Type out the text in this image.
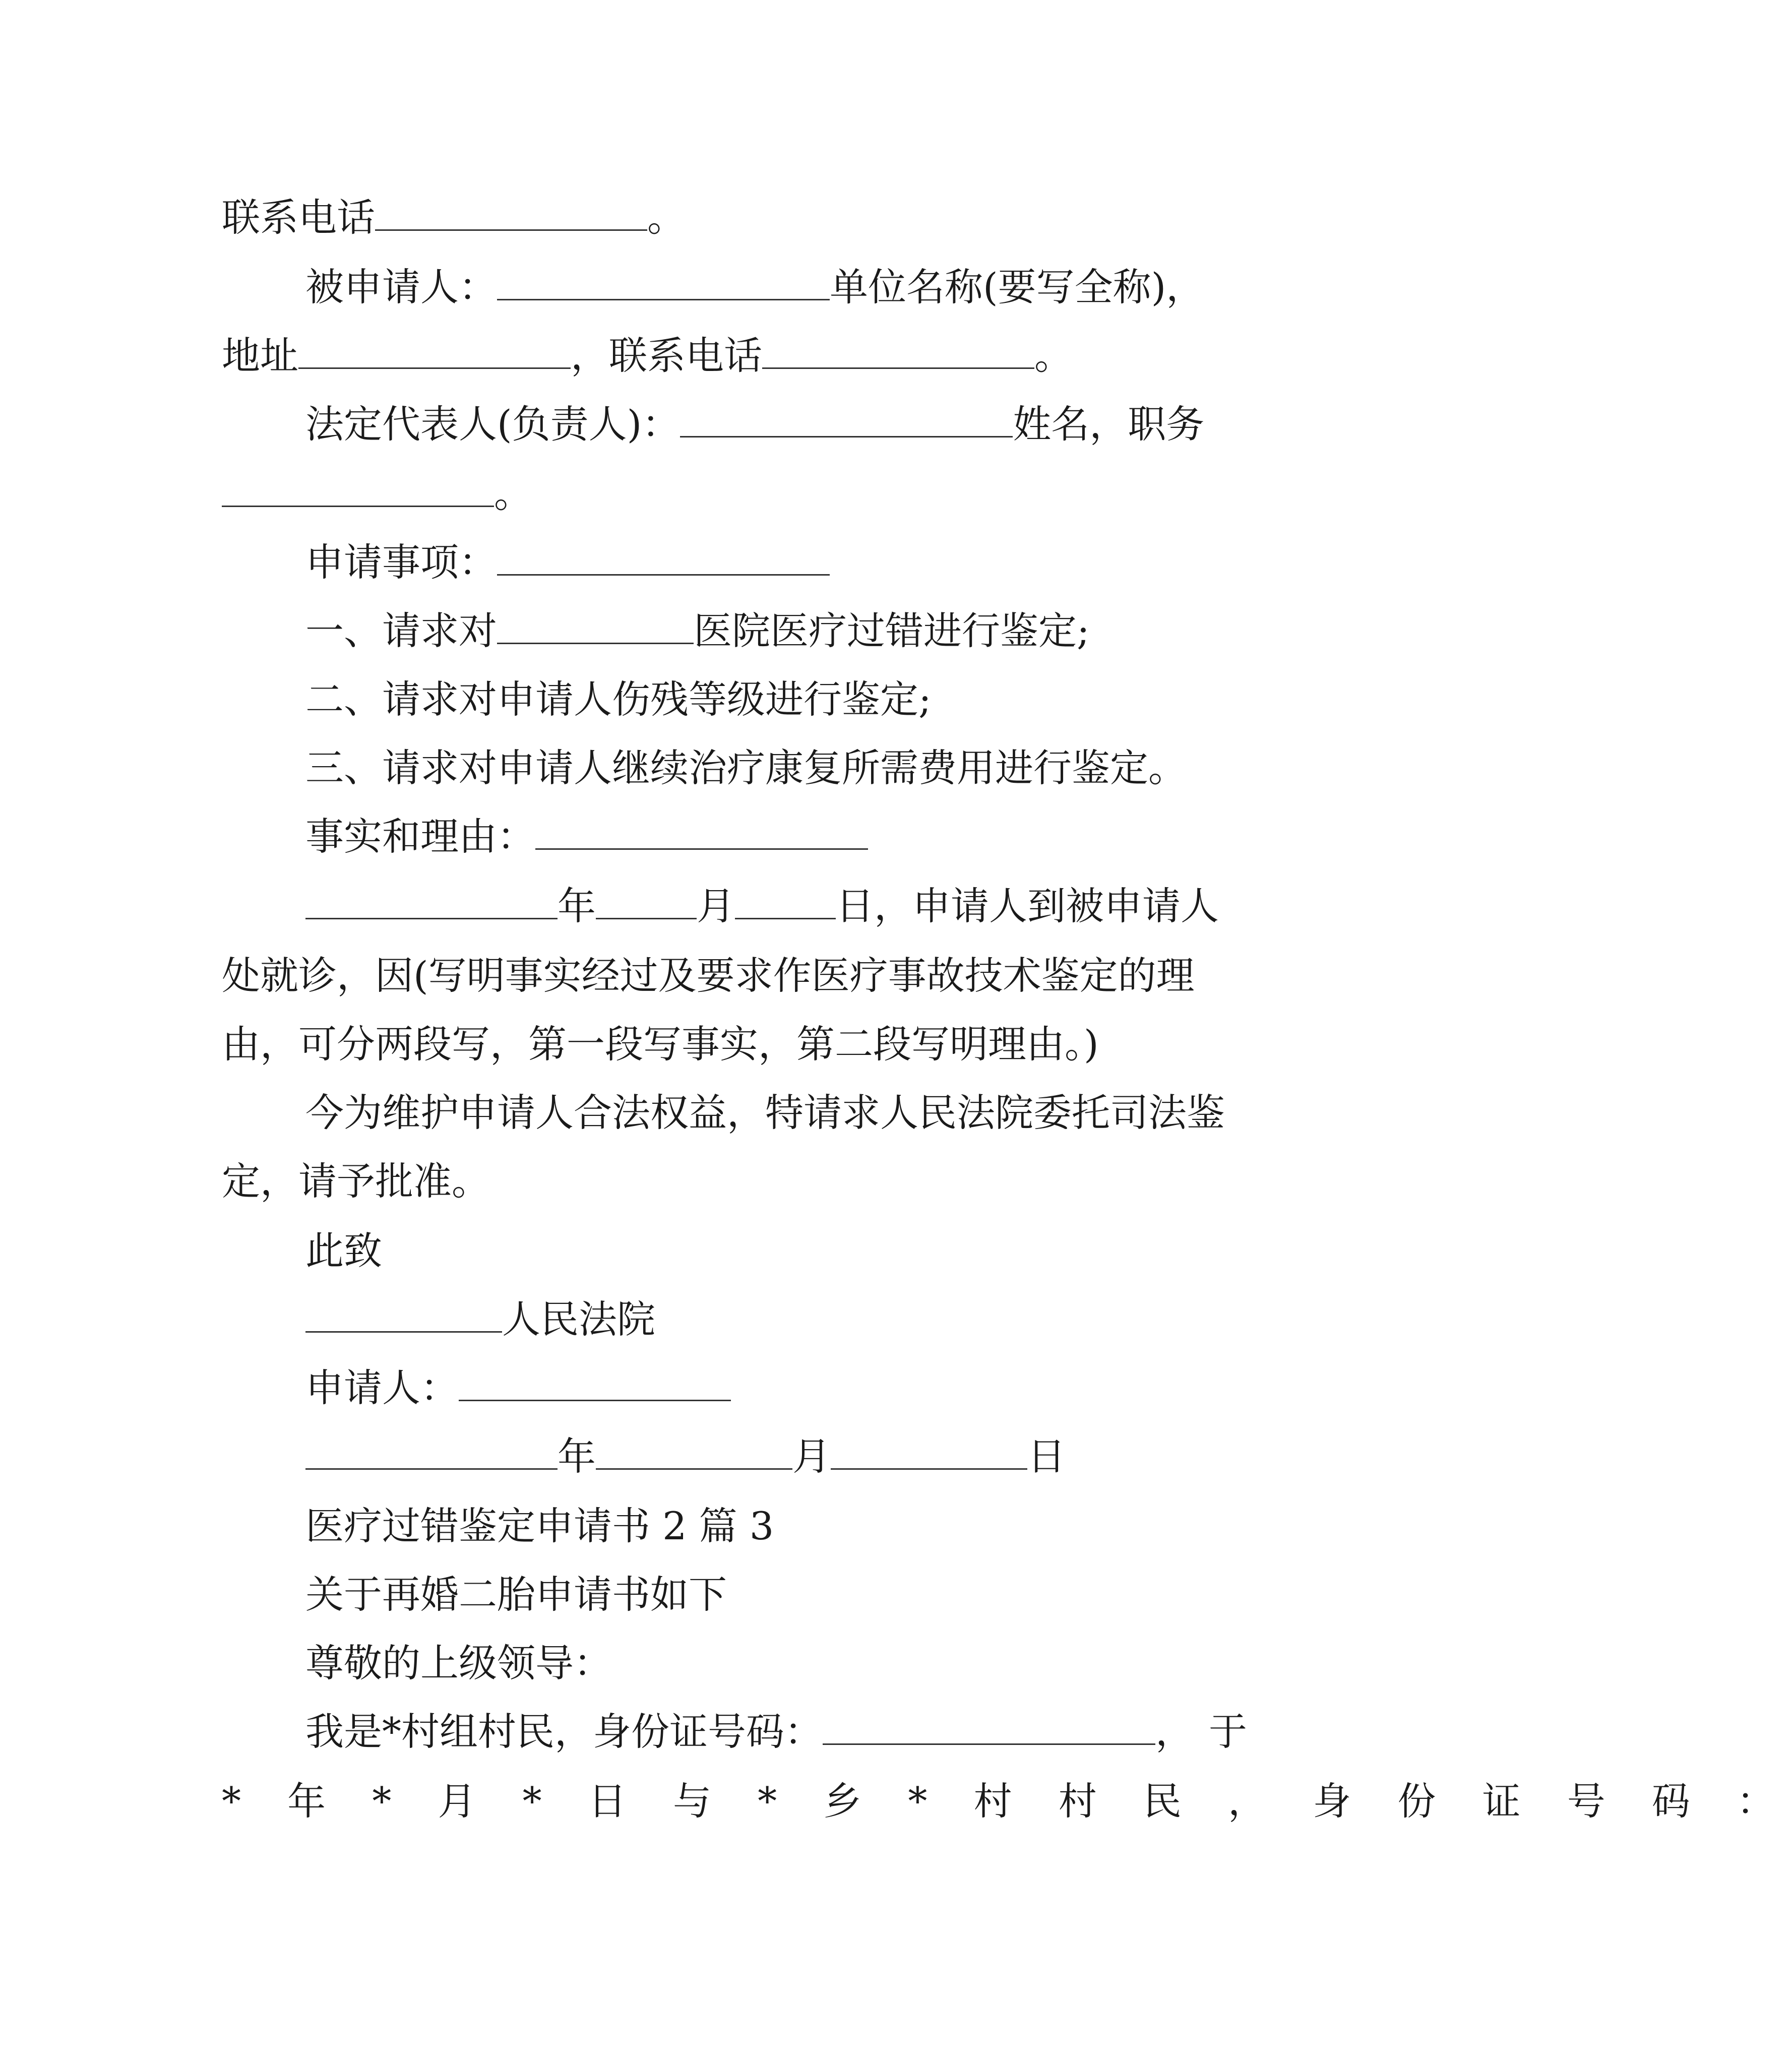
联系电话	。
被申请人：	单位名称(要写全称)，
地址	，联系电话	。
法定代表人(负责人)：	姓名，职务
。
申请事项：
一、请求对	医院医疗过错进行鉴定;
二、请求对申请人伤残等级进行鉴定;
三、请求对申请人继续治疗康复所需费用进行鉴定。
事实和理由：
年	月	日，申请人到被申请人
处就诊，因(写明事实经过及要求作医疗事故技术鉴定的理
由，可分两段写，第一段写事实，第二段写明理由。)
今为维护申请人合法权益，特请求人民法院委托司法鉴
定，请予批准。
此致
人民法院
申请人：
年	月	日
医疗过错鉴定申请书 2 篇 3
关于再婚二胎申请书如下
尊敬的上级领导：
我是*村组村民，身份证号码：	，于
* 年 * 月 * 日 与 * 乡 * 村 村 民 ， 身 份 证 号 码 ：
